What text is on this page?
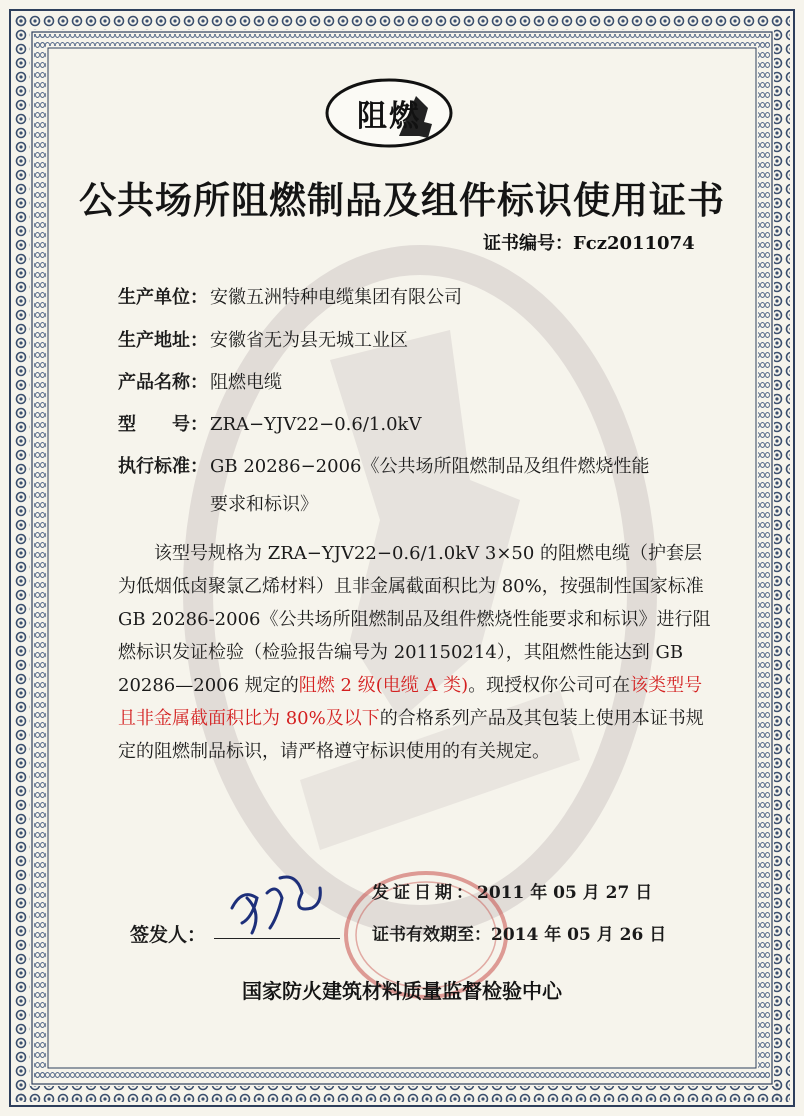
阻燃
公共场所阻燃制品及组件标识使用证书
证书编号：Fcz2011074
生产单位： 安徽五洲特种电缆集团有限公司
生产地址： 安徽省无为县无城工业区
产品名称： 阻燃电缆
型　　号： ZRA−YJV22−0.6/1.0kV
执行标准： GB 20286−2006《公共场所阻燃制品及组件燃烧性能
要求和标识》

该型号规格为 ZRA−YJV22−0.6/1.0kV 3×50 的阻燃电缆（护套层为低烟低卤聚氯乙烯材料）且非金属截面积比为 80%，按强制性国家标准 GB 20286-2006《公共场所阻燃制品及组件燃烧性能要求和标识》进行阻燃标识发证检验（检验报告编号为 201150214），其阻燃性能达到 GB 20286—2006 规定的阻燃 2 级(电缆 A 类)。现授权你公司可在该类型号且非金属截面积比为 80%及以下的合格系列产品及其包装上使用本证书规定的阻燃制品标识，请严格遵守标识使用的有关规定。

发证日期：2011 年 05 月 27 日
证书有效期至：2014 年 05 月 26 日
签发人：
国家防火建筑材料质量监督检验中心
